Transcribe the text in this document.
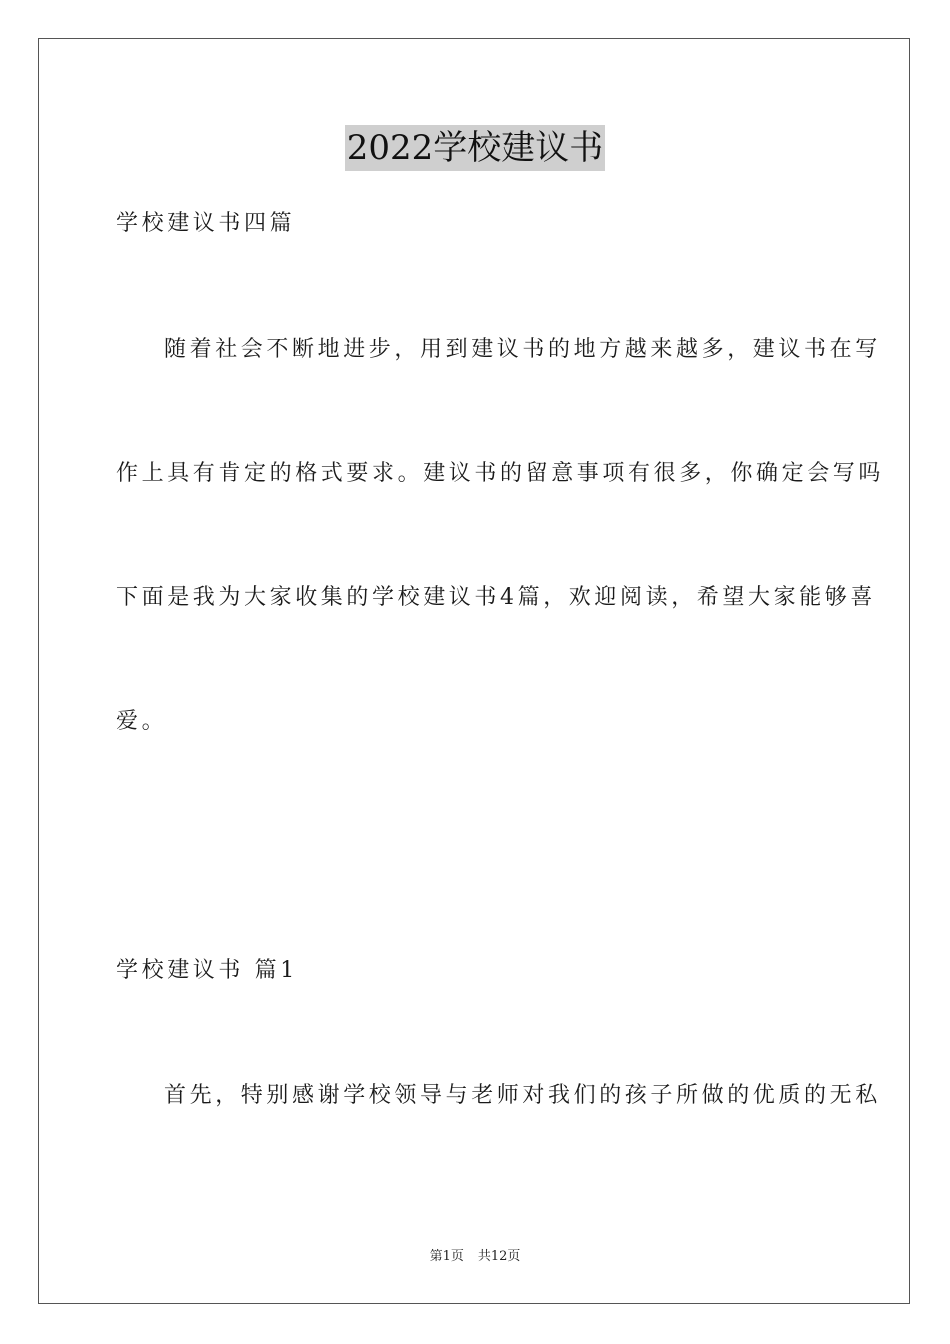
2022学校建议书
学校建议书四篇
随着社会不断地进步，用到建议书的地方越来越多，建议书在写
作上具有肯定的格式要求。建议书的留意事项有很多，你确定会写吗
下面是我为大家收集的学校建议书4篇，欢迎阅读，希望大家能够喜
爱。
学校建议书 篇1
首先，特别感谢学校领导与老师对我们的孩子所做的优质的无私
第1页 共12页
